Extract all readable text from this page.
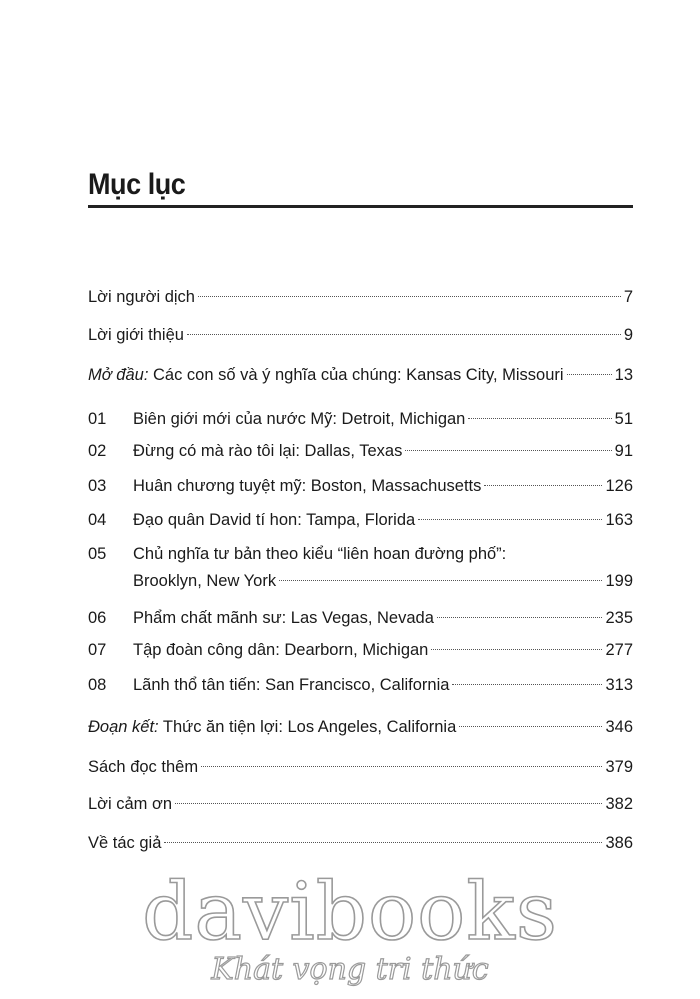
Mục lục
Lời người dịch	7
Lời giới thiệu	9
Mở đầu: Các con số và ý nghĩa của chúng: Kansas City, Missouri	13
01	Biên giới mới của nước Mỹ: Detroit, Michigan	51
02	Đừng có mà rào tôi lại: Dallas, Texas	91
03	Huân chương tuyệt mỹ: Boston, Massachusetts	126
04	Đạo quân David tí hon: Tampa, Florida	163
05	Chủ nghĩa tư bản theo kiểu “liên hoan đường phố”:
Brooklyn, New York	199
06	Phẩm chất mãnh sư: Las Vegas, Nevada	235
07	Tập đoàn công dân: Dearborn, Michigan	277
08	Lãnh thổ tân tiến: San Francisco, California	313
Đoạn kết: Thức ăn tiện lợi: Los Angeles, California	346
Sách đọc thêm	379
Lời cảm ơn	382
Về tác giả	386
davibooks
Khát vọng tri thức
